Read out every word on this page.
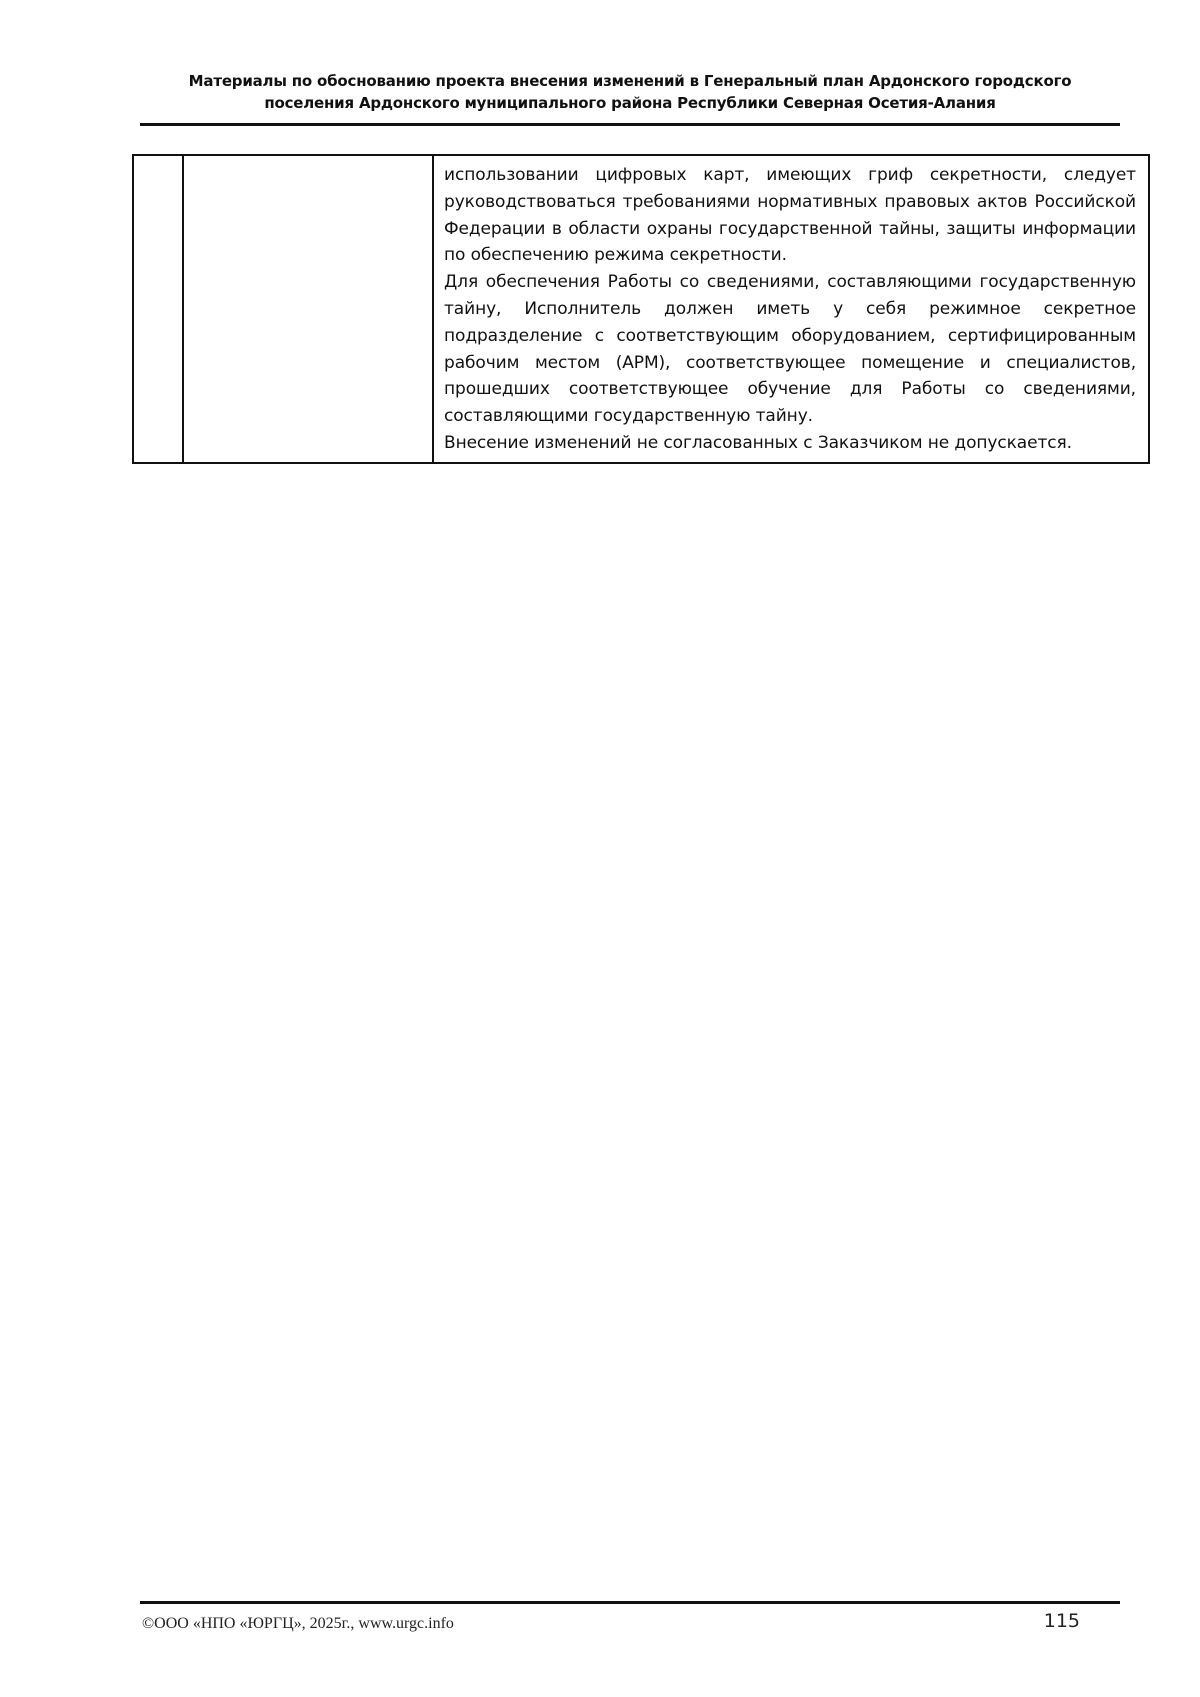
Материалы по обоснованию проекта внесения изменений в Генеральный план Ардонского городского
поселения Ардонского муниципального района Республики Северная Осетия-Алания

использовании цифровых карт, имеющих гриф секретности, следует руководствоваться требованиями нормативных правовых актов Российской Федерации в области охраны государственной тайны, защиты информации по обеспечению режима секретности.

Для обеспечения Работы со сведениями, составляющими государственную тайну, Исполнитель должен иметь у себя режимное секретное подразделение с соответствующим оборудованием, сертифицированным рабочим местом (АРМ), соответствующее помещение и специалистов, прошедших соответствующее обучение для Работы со сведениями, составляющими государственную тайну.

Внесение изменений не согласованных с Заказчиком не допускается.

©ООО «НПО «ЮРГЦ», 2025г., www.urgc.info	115
